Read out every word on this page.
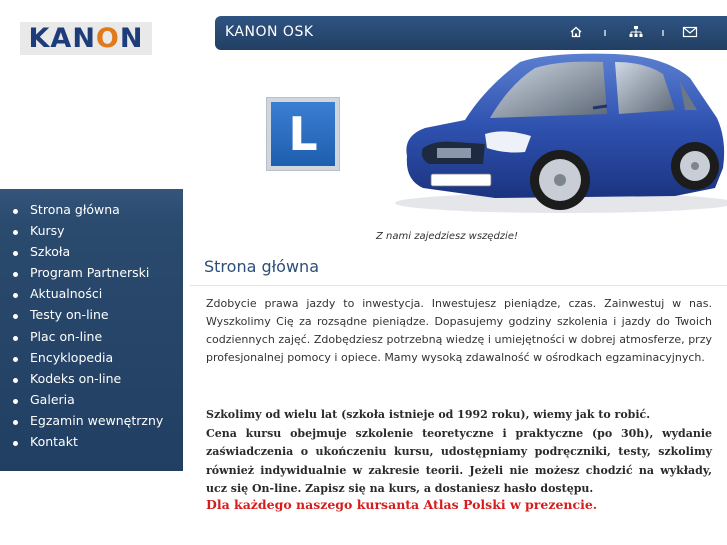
KANON	KANON OSK
L
Z nami zajedziesz wszędzie!
Strona główna
Kursy
Szkoła
Program Partnerski
Aktualności
Testy on-line
Plac on-line
Encyklopedia
Kodeks on-line
Galeria
Egzamin wewnętrzny
Kontakt
Strona główna
Zdobycie prawa jazdy to inwestycja. Inwestujesz pieniądze, czas. Zainwestuj w nas. Wyszkolimy Cię za rozsądne pieniądze. Dopasujemy godziny szkolenia i jazdy do Twoich codziennych zajęć. Zdobędziesz potrzebną wiedzę i umiejętności w dobrej atmosferze, przy profesjonalnej pomocy i opiece. Mamy wysoką zdawalność w ośrodkach egzaminacyjnych.
Szkolimy od wielu lat (szkoła istnieje od 1992 roku), wiemy jak to robić.
Cena kursu obejmuje szkolenie teoretyczne i praktyczne (po 30h), wydanie zaświadczenia o ukończeniu kursu, udostępniamy podręczniki, testy, szkolimy również indywidualnie w zakresie teorii. Jeżeli nie możesz chodzić na wykłady, ucz się On-line. Zapisz się na kurs, a dostaniesz hasło dostępu.
Dla każdego naszego kursanta Atlas Polski w prezencie.
